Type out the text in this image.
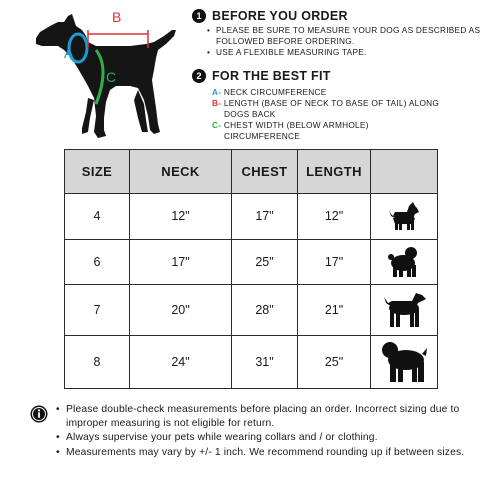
A
B
C
1 BEFORE YOU ORDER
• PLEASE BE SURE TO MEASURE YOUR DOG AS DESCRIBED AS FOLLOWED BEFORE ORDERING.
• USE A FLEXIBLE MEASURING TAPE.
2 FOR THE BEST FIT
A- NECK CIRCUMFERENCE
B- LENGTH (BASE OF NECK TO BASE OF TAIL) ALONG
DOGS BACK
C- CHEST WIDTH (BELOW ARMHOLE)
CIRCUMFERENCE
SIZE	NECK	CHEST	LENGTH	
4	12"	17"	12"	

6	17"	25"	17"	

7	20"	28"	21"	

8	24"	31"	25"	
• Please double-check measurements before placing an order. Incorrect sizing due to improper measuring is not eligible for return.
• Always supervise your pets while wearing collars and / or clothing.
• Measurements may vary by +/- 1 inch. We recommend rounding up if between sizes.
